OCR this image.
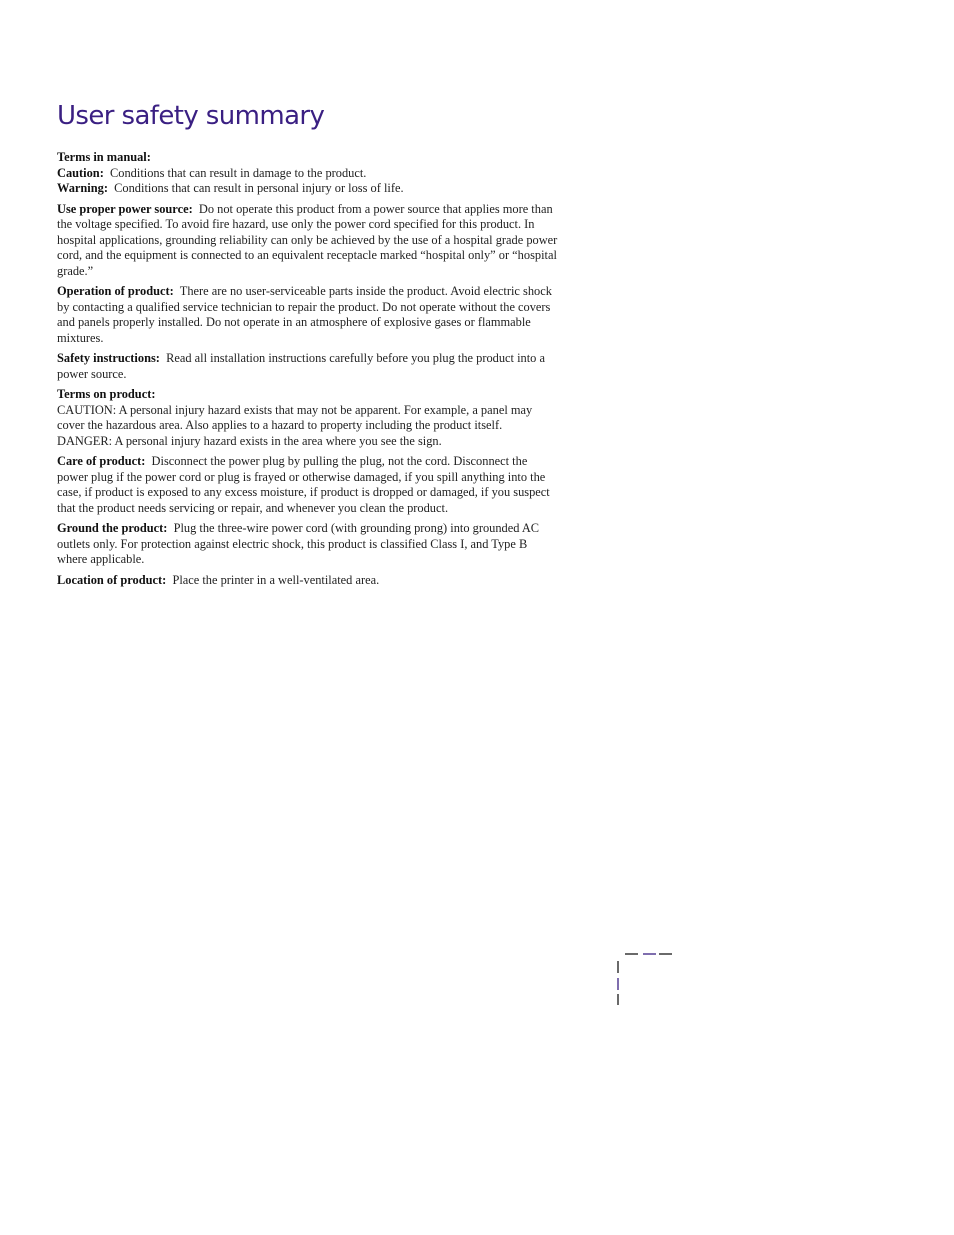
User safety summary

Terms in manual:
Caution: Conditions that can result in damage to the product.
Warning: Conditions that can result in personal injury or loss of life.

Use proper power source: Do not operate this product from a power source that applies more than the voltage specified. To avoid fire hazard, use only the power cord specified for this product. In hospital applications, grounding reliability can only be achieved by the use of a hospital grade power cord, and the equipment is connected to an equivalent receptacle marked “hospital only” or “hospital grade.”

Operation of product: There are no user-serviceable parts inside the product. Avoid electric shock by contacting a qualified service technician to repair the product. Do not operate without the covers and panels properly installed. Do not operate in an atmosphere of explosive gases or flammable mixtures.

Safety instructions: Read all installation instructions carefully before you plug the product into a power source.

Terms on product:
CAUTION: A personal injury hazard exists that may not be apparent. For example, a panel may cover the hazardous area. Also applies to a hazard to property including the product itself.
DANGER: A personal injury hazard exists in the area where you see the sign.

Care of product: Disconnect the power plug by pulling the plug, not the cord. Disconnect the power plug if the power cord or plug is frayed or otherwise damaged, if you spill anything into the case, if product is exposed to any excess moisture, if product is dropped or damaged, if you suspect that the product needs servicing or repair, and whenever you clean the product.

Ground the product: Plug the three-wire power cord (with grounding prong) into grounded AC outlets only. For protection against electric shock, this product is classified Class I, and Type B where applicable.

Location of product: Place the printer in a well-ventilated area.
